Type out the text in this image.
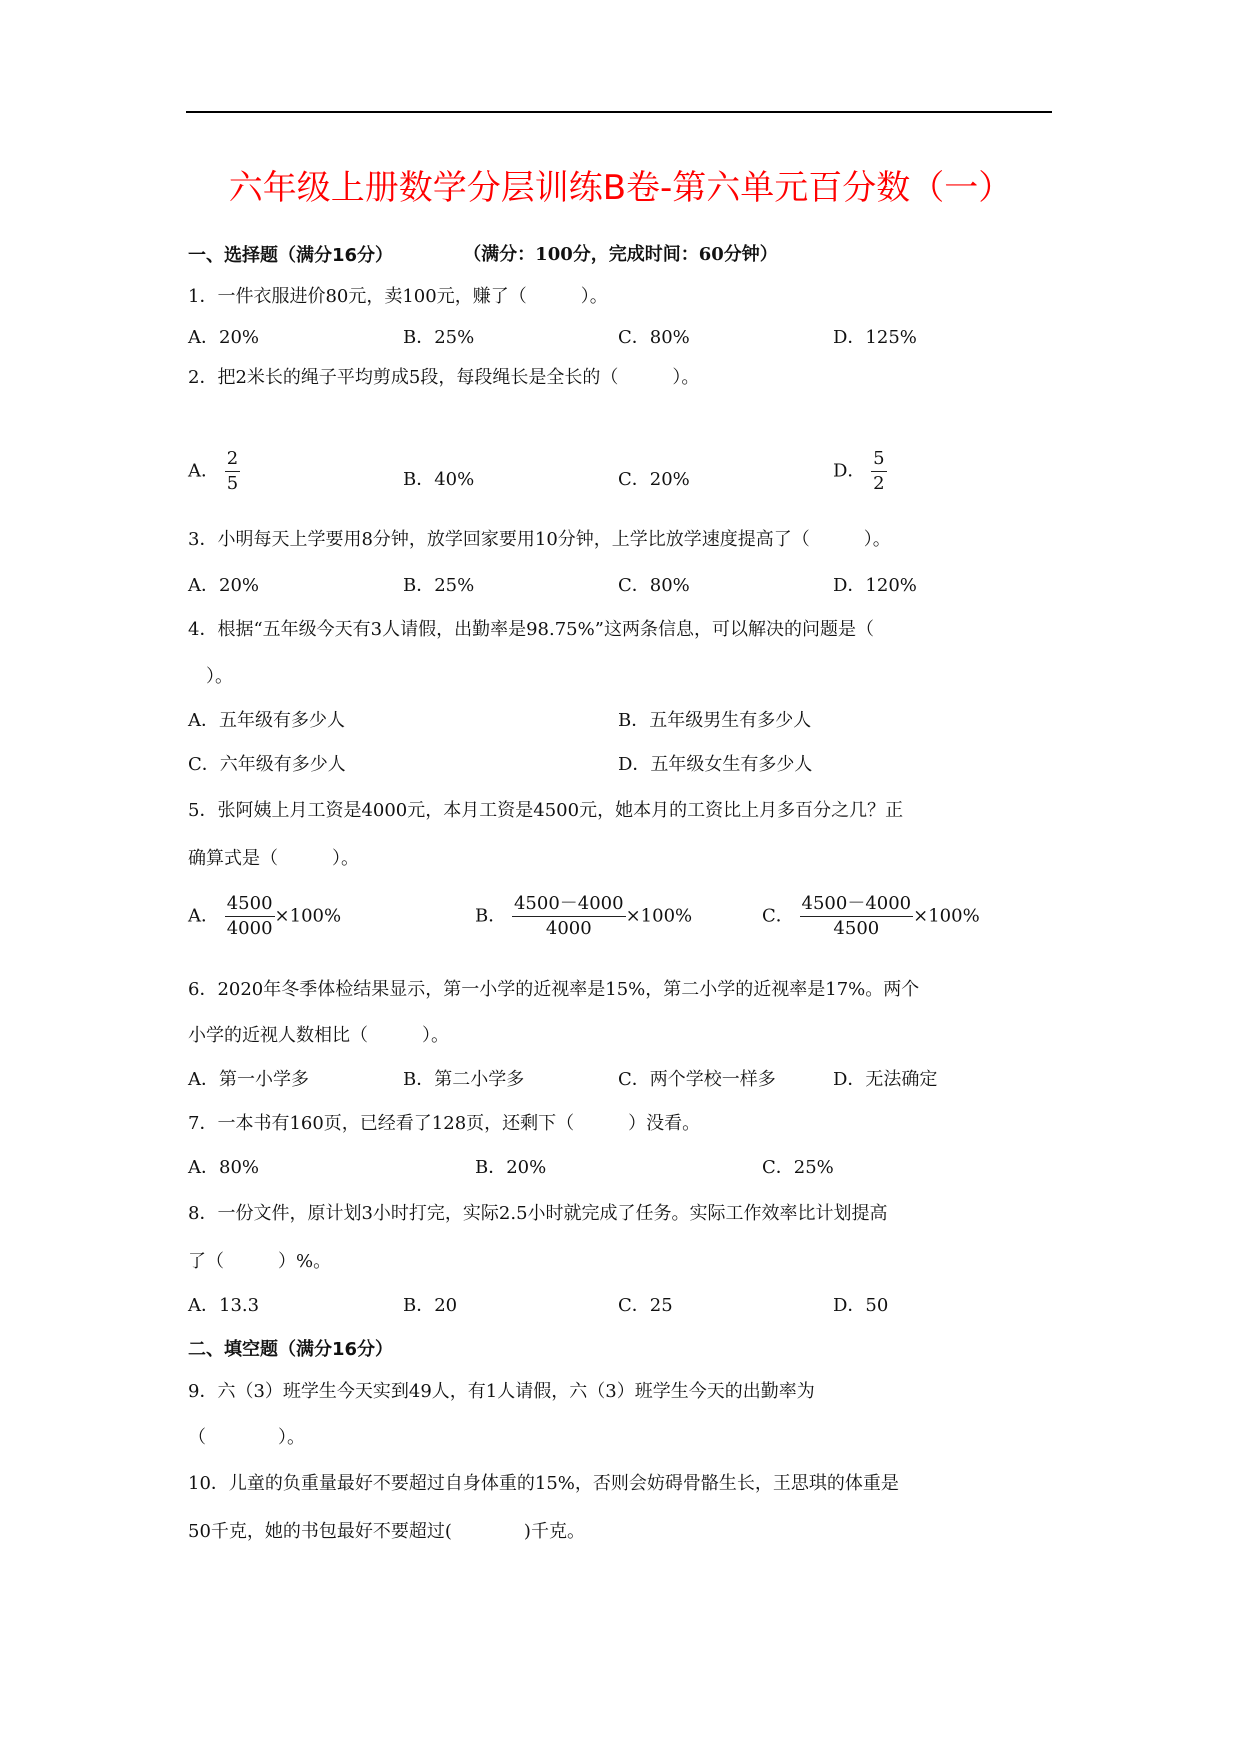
六年级上册数学分层训练B卷-第六单元百分数（一）
（满分：100分，完成时间：60分钟）
一、选择题（满分16分）
1．一件衣服进价80元，卖100元，赚了（　　　）。
A．20%	B．25%	C．80%	D．125%
2．把2米长的绳子平均剪成5段，每段绳长是全长的（　　　）。
A． $\frac{2}{5}$	B．40%	C．20%	D． $\frac{5}{2}$
3．小明每天上学要用8分钟，放学回家要用10分钟，上学比放学速度提高了（　　　）。
A．20%	B．25%	C．80%	D．120%
4．根据“五年级今天有3人请假，出勤率是98.75%”这两条信息，可以解决的问题是（
　）。
A．五年级有多少人	B．五年级男生有多少人
C．六年级有多少人	D．五年级女生有多少人
5．张阿姨上月工资是4000元，本月工资是4500元，她本月的工资比上月多百分之几？正
确算式是（　　　）。
A． $\frac{4500}{4000} \times 100\%$	B． $\frac{4500-4000}{4000} \times 100\%$	C． $\frac{4500-4000}{4500} \times 100\%$
6．2020年冬季体检结果显示，第一小学的近视率是15%，第二小学的近视率是17%。两个
小学的近视人数相比（　　　）。
A．第一小学多	B．第二小学多	C．两个学校一样多	D．无法确定
7．一本书有160页，已经看了128页，还剩下（　　　）没看。
A．80%	B．20%	C．25%
8．一份文件，原计划3小时打完，实际2.5小时就完成了任务。实际工作效率比计划提高
了（　　　）%。
A．13.3	B．20	C．25	D．50
二、填空题（满分16分）
9．六（3）班学生今天实到49人，有1人请假，六（3）班学生今天的出勤率为
（　　　　）。
10．儿童的负重量最好不要超过自身体重的15%，否则会妨碍骨骼生长，王思琪的体重是
50千克，她的书包最好不要超过(　　　　)千克。
